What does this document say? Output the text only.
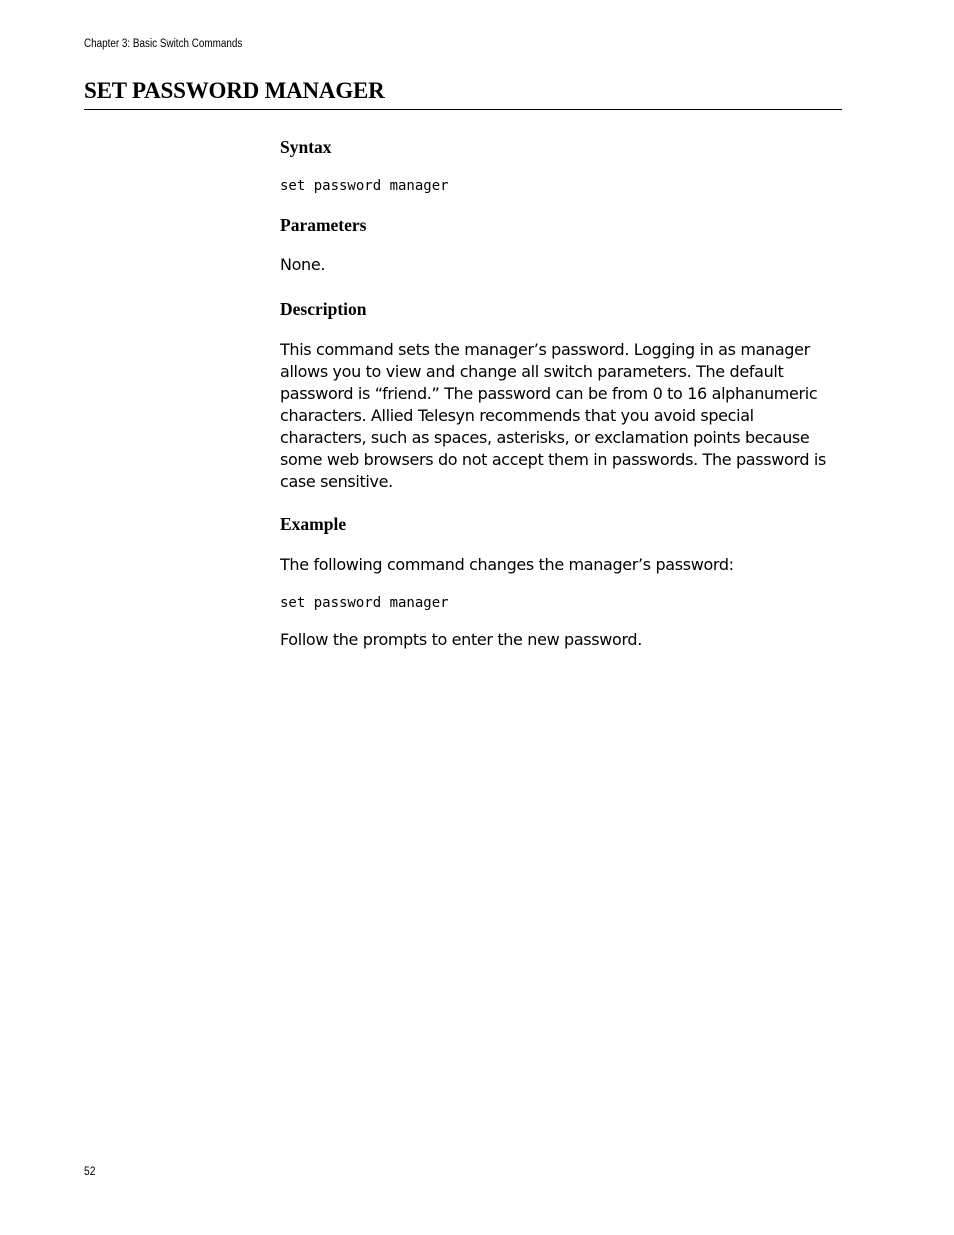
Chapter 3: Basic Switch Commands
SET PASSWORD MANAGER
Syntax
set password manager
Parameters

None.

Description

This command sets the manager’s password. Logging in as manager allows you to view and change all switch parameters. The default password is “friend.” The password can be from 0 to 16 alphanumeric characters. Allied Telesyn recommends that you avoid special characters, such as spaces, asterisks, or exclamation points because some web browsers do not accept them in passwords. The password is case sensitive.

Example

The following command changes the manager’s password:

set password manager

Follow the prompts to enter the new password.

52
